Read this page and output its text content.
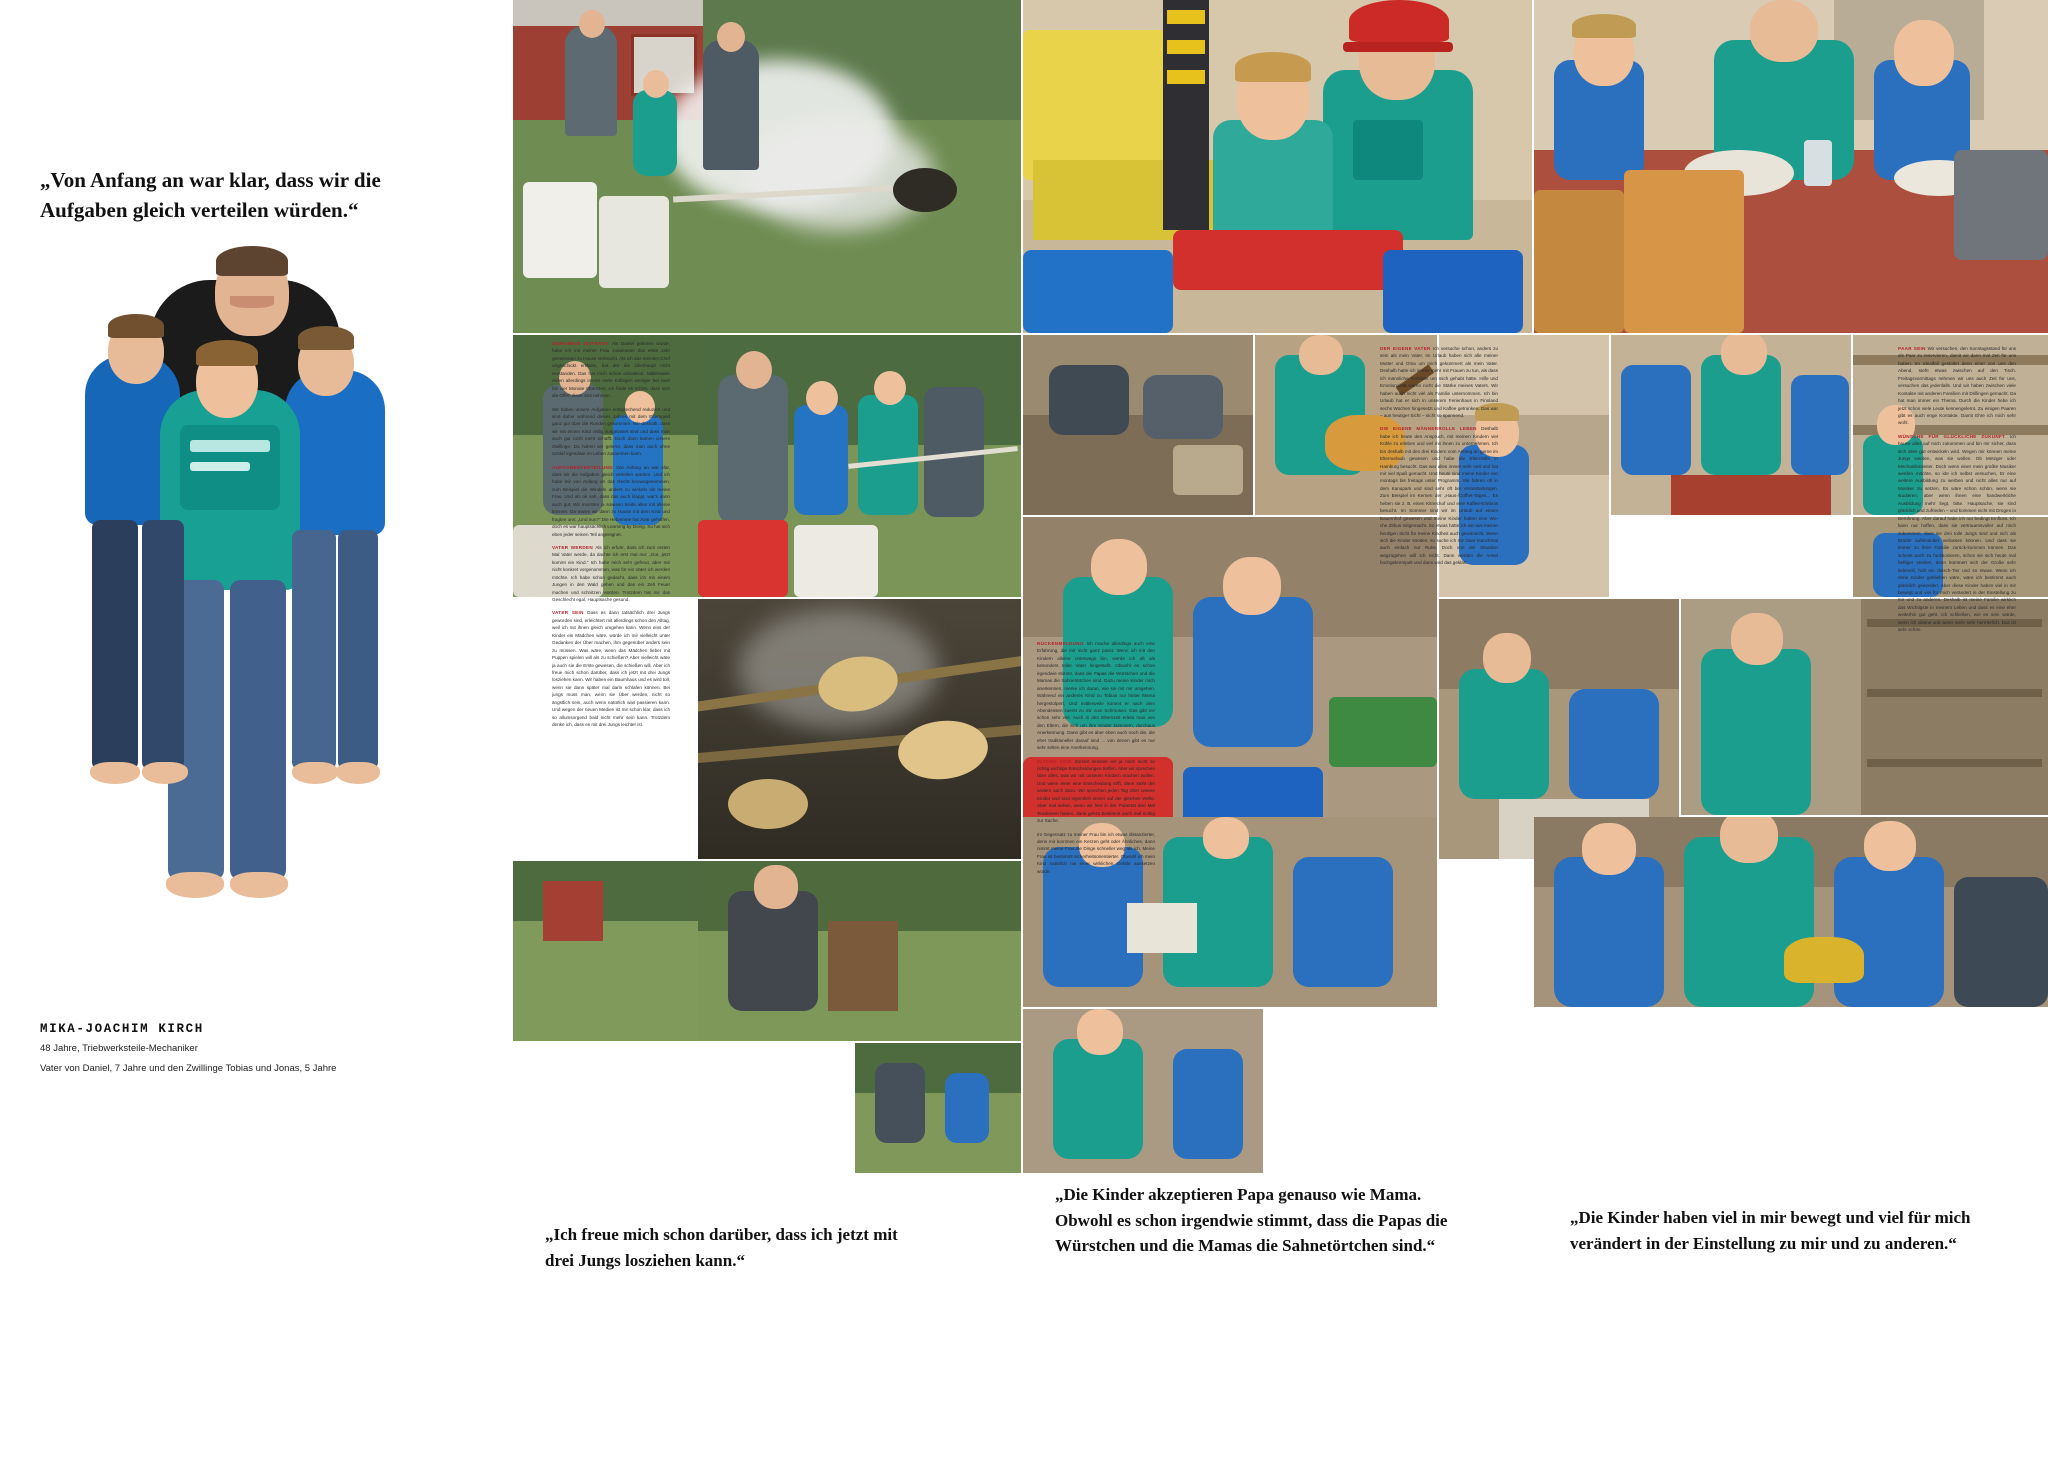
„Von Anfang an war klar, dass wir die Aufgaben gleich verteilen würden.“
MIKA-JOACHIM KIRCH
48 Jahre, Triebwerksteile-Mechaniker
Vater von Daniel, 7 Jahre und den Zwillinge Tobias und Jonas, 5 Jahre

GEHEIMNIS ZEITKNOT Als Daniel geboren wurde, habe ich mit meiner Frau zusammen das erste Jahr gemeinsam zu Hause verbracht. Als ich das meinem Chef ungeschickt erklärte, hat der die Überhaupt nicht verstanden. Das hat mich schon erbosknot. Mittlerweile reden allerdings immer mehr Kollegen weniger bei zwei bis vier Monate Elternzeit, ich finde es schön, dass sich die Offen diese Zeit nehmen.

Wir haben unsere Aufgaben entsprechend reduziert und sind daher während dieses Jahres mit dem Elterngeld ganz gut über die Runden gekommen. Wir deshalb, dass wir mit einem Kind völlig ausgelastet sind und dass man auch gar nicht mehr schafft. Doch dann kamen unsere Zwillinge. Da haben wir gelernt, dass man auch ohne Schlaf irgendwie im Leben zusammen kann.

AUFGABENVERTEILUNG Von Anfang an war klar, dass wir die Aufgaben gleich verteilen würden. Und ich habe mir von Anfang an das Recht herausgenommen, zum Beispiel die Windeln anders zu wickeln als meine Frau. Und als ok sah, dass das auch klappt, war's dann auch gut. Wir mussten ja sowieso beide alles mit alleine können. Da waren wir dann zu Hause mit dem Kind und fragten uns: „Und nun?“ Die Hebamme hat zwar geholfen, doch es war hauptsächlich Learning by Doing. So hat sich eben jeder seinen Teil angeeignet.

VATER WERDEN Als ich erfuhr, dass ich zum ersten Mal Vater werde, da dachte ich erst mal nur: „Gut, jetzt kommt ein Kind.“ Ich habe mich sehr gefreut, aber mir nicht konkret vorgenommen, was für ein Vater ich werden möchte. Ich habe schon gedacht, dass ich mit einem Jungen in den Wald gehen und das ein Zelt Feuer machen und schnitzen würden. Trotzdem hat mir das Geschlecht egal, Hauptsache gesund.

VATER SEIN Dass es dann tatsächlich drei Jungs geworden sind, erleichtert mit allerdings schon den Alltag, weil ich mit ihnen gleich umgehen kann. Wenn eins der Kinder ein Mädchen wäre, würde ich mir vielleicht unter Gedanken der Über machen, ihm gegenüber anders sein zu müssen. Was wäre, wenn das Mädchen lieber mit Puppen spielen will als zu schießen? Aber vielleicht wäre ja auch sie die Erste gewesen, die schießen will. Aber ich freue mich schon darüber, dass ich jetzt mit drei Jungs losziehen kann. Wir haben ein Baumhaus und es wird toll, wenn sie dann später mal darin schlafen können. Bei jungs muss man, wenn sie Über werden, nicht so ängstlich sein, auch wenn natürlich was passieren kann. Und wegen der neuen Medien ist mir schon klar, dass ich so allumsorgend bald nicht mehr sein kann. Trotzdem denke ich, dass es mit drei Jungs leichter ist.

RÜCKENMELDUNG Ich mache allerdings auch eine Erfahrung, die mir nicht ganz passt. Wenn ich mit den Kindern alleine unterwegs bin, werde ich oft als besonders toller Vater hingestellt. Obwohl es schon irgendwie stimmt, dass die Papas die Würstchen und die Mamas die Sahnetörtchen sind. Dazu meine Kinder mich anerkennen, merke ich daran, wie sie mit mir umgehen. Während ein anderes Kind zu Tobias nur hinter Mama hergestolpert, Und mittlerweile kommt er nach dem Abendessen zuerst zu mir zum Schmusen. Das gibt mir schon sehr viel. Auch in den Elternzeit erlebt man von den Eltern, die sich um ihre Kinder kümmern, durchaus Anerkennung. Dann gibt es aber eben auch noch die, die eher traditioneller darauf sind ... von denen gibt es nur sehr selten eine Anerkennung.

ELTERN SEIN Zurzeit müssen wir ja noch nicht so richtig wichtige Entscheidungen treffen. Aber wir sprechen über alles, was wir mit unseren Kindern machen wollen. Und wenn einer eine Entscheidung trifft, dann steht der andere auch dazu. Wir sprechen jeden Tag über unsere Kinder und sind eigentlich immer auf der gleichen Welle. Aber mal sehen, wenn wir hier in der Pubertät drei Mal Teodoreen haben, dann geht's bestimmt auch mal richtig zur Sache.

Im Gegensatz zu meiner Frau bin ich etwas distanzierter, denn mir kommen ein Kerzen geht oder Ähnliches, dann nimmt meine Frau die Dinge schneller weg als ich. Meine Frau ist bestimmt sicherheitsorientierter. Obwohl ich mein Kind natürlich nie einer wirklichen Gefahr aussetzen würde.

DER EIGENE VATER Ich versuche schon, anders zu sein als mein Vater. Im Urlaub haben sich alle meiner Mutter und Oma um mich gekümmert als mein Vater. Deshalb hatte ich immer mehr mit Frauen zu tun, als dass ich männliche Vorbilder um mich gehabt hätte. Hilfe und Emotionalität waren nicht die Stärke meines Vaters. Wir haben auch nicht viel als Familie unternommen. Ich bin Urlaub hat er sich in unserem Ferienhaus in Finnland sechs Wochen hingesetzt und Kaffee getrunken, Das war – aus heutiger Sicht – nicht so spannend.

DIE EIGENE MÄNNERROLLE LEBEN Deshalb habe ich heute den Anspruch, mit meinen Kindern viel Kühle zu erleben und viel mit ihnen zu unternehmen. Ich bin deshalb mit den drei Kindern vom Anfang an gerne im Elternurlaub gewesen und habe die Elternhilfe in Hamburg besucht. Das war alles immer sehr nett und hat mir viel Spaß gemacht. Und heute sind meine Kinder von montags bis freitags unter Programm. Wir fahren oft in dem Kanupark und sind sehr oft bei Veranstaltungen. Zum Beispiel im Kernen der „Haus-/Cüfftet-Tages... Es heben sie z. B. einen Kitnechof und eine Kaffee-Erlebnis besucht. Im Sommer sind wir im Urlaub auf einem Bauernhof gewesen und meine Kinder hatten eine Wo-che Zirkus mitgemacht. So etwas hätte ich mir aus meiner heutigen Sicht für meine Kindheit auch gewünscht. Wenn sich die Kinder streiten, so suche ich mir zwar manchmal auch einfach nur Ruhe, Doch von der Situation wegzugehen will ich nicht. Dann werden die Armel hochgekrempelt und dann wird das geklärt.

PAAR SEIN Wir versuchen, den Sonntagsstand für uns als Paar zu reservieren, damit wir dann mal Zeit für uns haben. Im Idealfall gestaltet denn einer von uns den Abend, steht etwas zwischen auf den Tisch. Freitagsvormittags nehmen wir uns auch Zeit für uns, versuchen das jedenfalls. Und wir haben zwischen viele Kontakte mit anderen Familien mit Drillingen gemacht. Da hat man immer ein Thema. Durch die Kinder hebe ich jetzt schon viele Leute kennengelernt. Zu einigen Paaren gibt es auch enge Kontakte. Damit Ehre ich mich sehr wohl.

WÜNSCHE FÜR GLÜCKLICHE ZUKUNFT Ich hause alles auf mich zukommen und bin mir sicher, dass sich alles gut entwickeln wird. Wegen mir können meine Jungs werden, was sie wollen. Ob Metzger oder Mechanikmeister. Doch wenn einer mein großte Musiker werden möchte, so ide ich selbst versuchen, Er eine weitere Ausbildung zu werben und nicht alles nur auf Musiker zu setzen. Es wäre schon schön, wenn sie studieren, aber wenn ihnen eine handwerkliche Ausbildung mehr liegt, bitte. Hauptsache, sie sind glücklich und zufrieden – und kommen nicht mit Drogen in Berührung. Aber darauf habe ich nur bedingt Einfluss. Ich kann nur hoffen, dass sie vertrauensvoller auf mich zukommen, dass sie drei tolle Jungs sind und sich als Brüder aufeinander verlassen können. Und dass sie immer zu ihrer Familie zurück-kommen können. Das scheint auch zu funktionieren, schon sie sich heute mal heftiger streiten, denn kümmert sich der Große sehr liebevoll, holt ein duisch-Tier und so etwas. Wenn ich ohne Kinder geblieben wäre, wäre ich bestimmt auch glücklich geworden. Aber diese Kinder haben viel in mir bewegt und viel für mich verändert in der Einstellung zu mir und zu anderen. Deshalb ist meine Familie wirklich das Wichtigste in meinem Leben und dass es eine eher weiterhin gut geht. Ich schließen, wie es sein würde, wenn ich alleine und wenn mehr sehr herrrlerlich. Das ist sehr schön.

„Ich freue mich schon darüber, dass ich jetzt mit drei Jungs losziehen kann.“
„Die Kinder akzeptieren Papa genauso wie Mama. Obwohl es schon irgendwie stimmt, dass die Papas die Würstchen und die Mamas die Sahnetörtchen sind.“
„Die Kinder haben viel in mir bewegt und viel für mich verändert in der Einstellung zu mir und zu anderen.“
